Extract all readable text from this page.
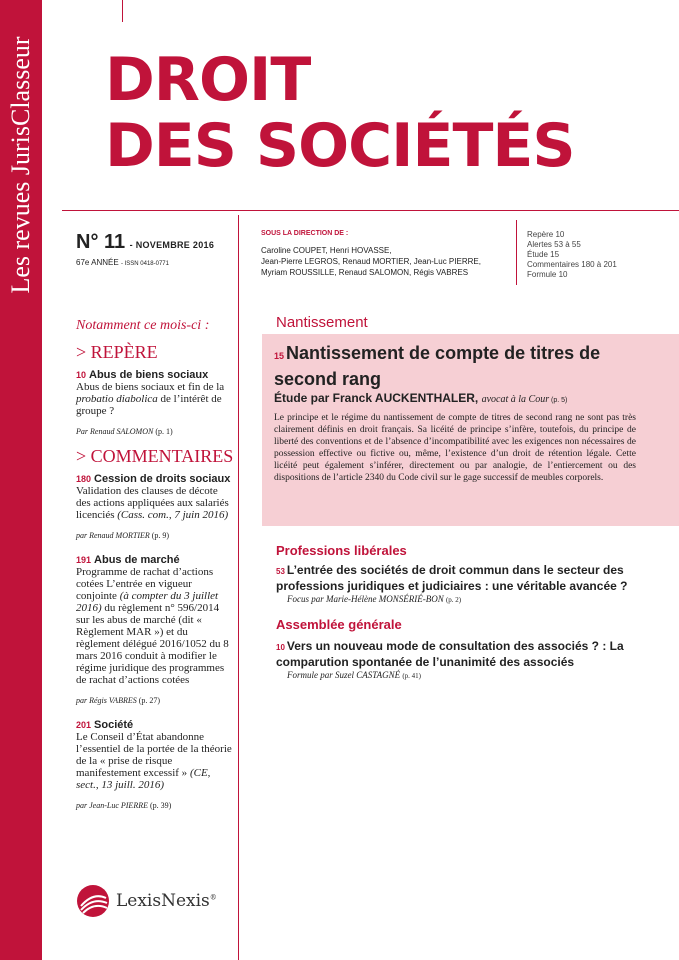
Les revues JurisClasseur DROIT
DES SOCIÉTÉS
N° 11 - NOVEMBRE 2016
67e ANNÉE - ISSN 0418-0771
SOUS LA DIRECTION DE :
Caroline COUPET, Henri HOVASSE,
Jean-Pierre LEGROS, Renaud MORTIER, Jean-Luc PIERRE,
Myriam ROUSSILLE, Renaud SALOMON, Régis VABRES
Repère 10
Alertes 53 à 55
Étude 15
Commentaires 180 à 201
Formule 10
Notamment ce mois-ci :
> REPÈRE
10 Abus de biens sociaux
Abus de biens sociaux et fin de la probatio diabolica de l’intérêt de groupe ?
Par Renaud SALOMON (p. 1)
> COMMENTAIRES
180 Cession de droits sociaux
Validation des clauses de décote des actions appliquées aux salariés licenciés (Cass. com., 7 juin 2016)
par Renaud MORTIER (p. 9)
191 Abus de marché
Programme de rachat d’actions cotées L’entrée en vigueur conjointe (à compter du 3 juillet 2016) du règlement n° 596/2014 sur les abus de marché (dit « Règlement MAR ») et du règlement délégué 2016/1052 du 8 mars 2016 conduit à modifier le régime juridique des programmes de rachat d’actions cotées
par Régis VABRES (p. 27)
201 Société
Le Conseil d’État abandonne l’essentiel de la portée de la théorie de la « prise de risque manifestement excessif » (CE, sect., 13 juill. 2016)
par Jean-Luc PIERRE (p. 39)
Nantissement
15 Nantissement de compte de titres de second rang
Étude par Franck AUCKENTHALER, avocat à la Cour (p. 5)
Le principe et le régime du nantissement de compte de titres de second rang ne sont pas très clairement définis en droit français. Sa licéité de principe s’infère, toutefois, du principe de liberté des conventions et de l’absence d’incompatibilité avec les exigences non nécessaires de possession effective ou fictive ou, même, l’existence d’un droit de rétention légale. Cette licéité peut également s’inférer, directement ou par analogie, de l’entiercement ou des dispositions de l’article 2340 du Code civil sur le gage successif de meubles corporels.
Professions libérales
53 L’entrée des sociétés de droit commun dans le secteur des professions juridiques et judiciaires : une véritable avancée ?
Focus par Marie-Hélène MONSÉRIÉ-BON (p. 2)
Assemblée générale
10 Vers un nouveau mode de consultation des associés ? : La comparution spontanée de l’unanimité des associés
Formule par Suzel CASTAGNÉ (p. 41)
LexisNexis®
